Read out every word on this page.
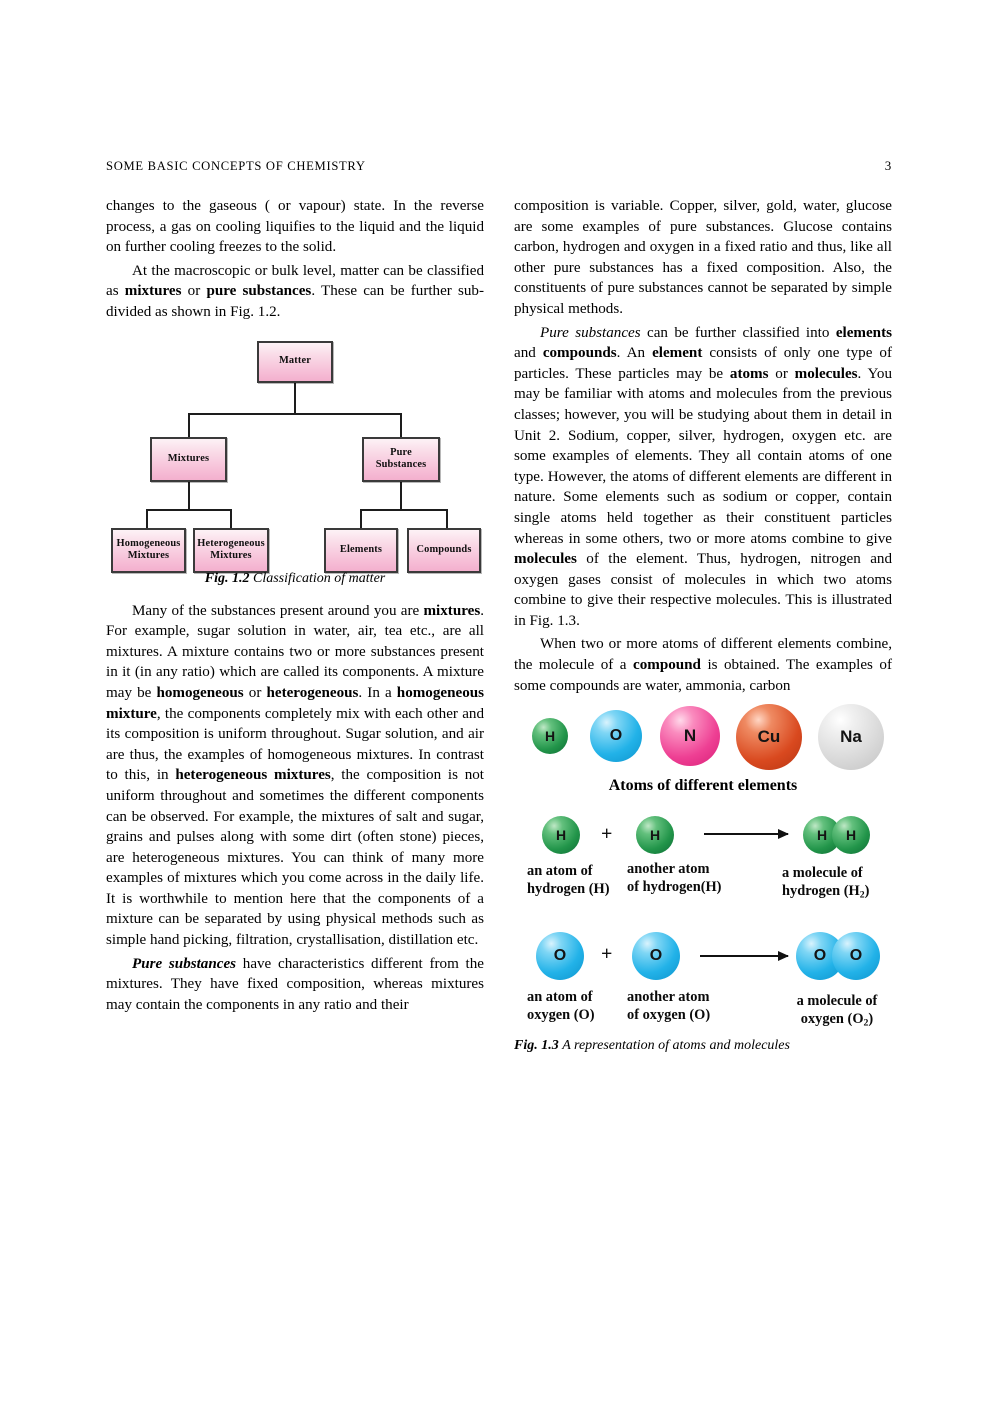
SOME BASIC CONCEPTS OF CHEMISTRY	3

changes to the gaseous ( or vapour) state. In the reverse process, a gas on cooling liquifies to the liquid and the liquid on further cooling freezes to the solid.

At the macroscopic or bulk level, matter can be classified as mixtures or pure substances. These can be further sub-divided as shown in Fig. 1.2.

Matter
Mixtures
Pure Substances
Homogeneous Mixtures
Heterogeneous Mixtures
Elements	Compounds
Fig. 1.2 Classification of matter

Many of the substances present around you are mixtures. For example, sugar solution in water, air, tea etc., are all mixtures. A mixture contains two or more substances present in it (in any ratio) which are called its components. A mixture may be homogeneous or heterogeneous. In a homogeneous mixture, the components completely mix with each other and its composition is uniform throughout. Sugar solution, and air are thus, the examples of homogeneous mixtures. In contrast to this, in heterogeneous mixtures, the composition is not uniform throughout and sometimes the different components can be observed. For example, the mixtures of salt and sugar, grains and pulses along with some dirt (often stone) pieces, are heterogeneous mixtures. You can think of many more examples of mixtures which you come across in the daily life. It is worthwhile to mention here that the components of a mixture can be separated by using physical methods such as simple hand picking, filtration, crystallisation, distillation etc.

Pure substances have characteristics different from the mixtures. They have fixed composition, whereas mixtures may contain the components in any ratio and their

composition is variable. Copper, silver, gold, water, glucose are some examples of pure substances. Glucose contains carbon, hydrogen and oxygen in a fixed ratio and thus, like all other pure substances has a fixed composition. Also, the constituents of pure substances cannot be separated by simple physical methods.

Pure substances can be further classified into elements and compounds. An element consists of only one type of particles. These particles may be atoms or molecules. You may be familiar with atoms and molecules from the previous classes; however, you will be studying about them in detail in Unit 2. Sodium, copper, silver, hydrogen, oxygen etc. are some examples of elements. They all contain atoms of one type. However, the atoms of different elements are different in nature. Some elements such as sodium or copper, contain single atoms held together as their constituent particles whereas in some others, two or more atoms combine to give molecules of the element. Thus, hydrogen, nitrogen and oxygen gases consist of molecules in which two atoms combine to give their respective molecules. This is illustrated in Fig. 1.3.

When two or more atoms of different elements combine, the molecule of a compound is obtained. The examples of some compounds are water, ammonia, carbon

H	O	N	Cu	Na
Atoms of different elements
H	+	H	H	H
an atom of
hydrogen (H)
another atom
of hydrogen(H)
a molecule of
hydrogen $(H_2)$
O	+	O	O	O
an atom of
oxygen (O)
another atom
of oxygen (O)
a molecule of
oxygen $(O_2)$
Fig. 1.3 A representation of atoms and molecules
